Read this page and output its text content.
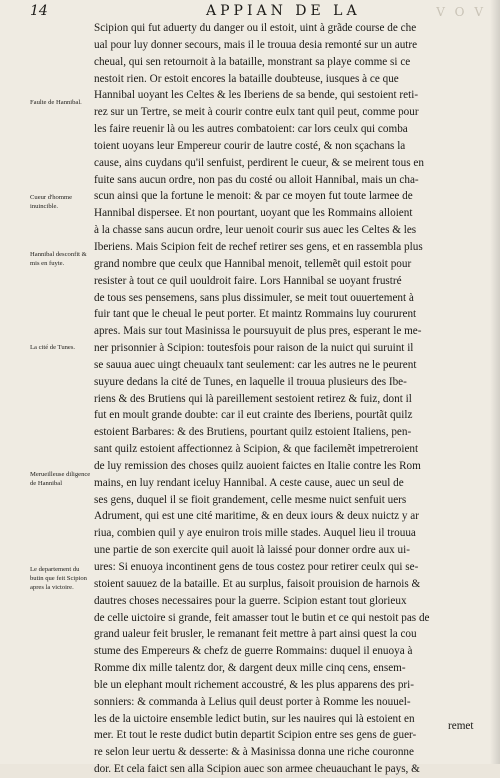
14	APPIAN DE LA	V O V
Faulte de Hannibal.
Cueur d'homme inuincible.
Hannibal desconfit & mis en fuyte.
La cité de Tunes.
Merueilleuse diligence de Hannibal
Le departement du butin que feit Scipion apres la victoire.
Scipion qui fut aduerty du danger ou il estoit, uint à grãde course de che
ual pour luy donner secours, mais il le trouua desia remonté sur un autre
cheual, qui sen retournoit à la bataille, monstrant sa playe comme si ce
nestoit rien. Or estoit encores la bataille doubteuse, iusques à ce que
Hannibal uoyant les Celtes & les Iberiens de sa bende, qui sestoient reti-
rez sur un Tertre, se meit à courir contre eulx tant quil peut, comme pour
les faire reuenir là ou les autres combatoient: car lors ceulx qui comba
toient uoyans leur Empereur courir de lautre costé, & non sçachans la
cause, ains cuydans qu'il senfuist, perdirent le cueur, & se meirent tous en
fuite sans aucun ordre, non pas du costé ou alloit Hannibal, mais un cha-
scun ainsi que la fortune le menoit: & par ce moyen fut toute larmee de
Hannibal dispersee. Et non pourtant, uoyant que les Rommains alloient
à la chasse sans aucun ordre, leur uenoit courir sus auec les Celtes & les
Iberiens. Mais Scipion feit de rechef retirer ses gens, et en rassembla plus
grand nombre que ceulx que Hannibal menoit, tellemẽt quil estoit pour
resister à tout ce quil uouldroit faire. Lors Hannibal se uoyant frustré
de tous ses pensemens, sans plus dissimuler, se meit tout ouuertement à
fuir tant que le cheual le peut porter. Et maintz Rommains luy coururent
apres. Mais sur tout Masinissa le poursuyuit de plus pres, esperant le me-
ner prisonnier à Scipion: toutesfois pour raison de la nuict qui suruint il
se sauua auec uingt cheuaulx tant seulement: car les autres ne le peurent
suyure dedans la cité de Tunes, en laquelle il trouua plusieurs des Ibe-
riens & des Brutiens qui là pareillement sestoient retirez & fuiz, dont il
fut en moult grande doubte: car il eut crainte des Iberiens, pourtãt quilz
estoient Barbares: & des Brutiens, pourtant quilz estoient Italiens, pen-
sant quilz estoient affectionnez à Scipion, & que facilemẽt impetreroient
de luy remission des choses quilz auoient faictes en Italie contre les Rom
mains, en luy rendant iceluy Hannibal. A ceste cause, auec un seul de
ses gens, duquel il se fioit grandement, celle mesme nuict senfuit uers
Adrument, qui est une cité maritime, & en deux iours & deux nuictz y ar
riua, combien quil y aye enuiron trois mille stades. Auquel lieu il trouua
une partie de son exercite quil auoit là laissé pour donner ordre aux ui-
ures: Si enuoya incontinent gens de tous costez pour retirer ceulx qui se-
stoient sauuez de la bataille. Et au surplus, faisoit prouision de harnois &
dautres choses necessaires pour la guerre. Scipion estant tout glorieux
de celle uictoire si grande, feit amasser tout le butin et ce qui nestoit pas de
grand ualeur feit brusler, le remanant feit mettre à part ainsi quest la cou
stume des Empereurs & chefz de guerre Rommains: duquel il enuoya à
Romme dix mille talentz dor, & dargent deux mille cinq cens, ensem-
ble un elephant moult richement accoustré, & les plus apparens des pri-
sonniers: & commanda à Lelius quil deust porter à Romme les nouuel-
les de la uictoire ensemble ledict butin, sur les nauires qui là estoient en
mer. Et tout le reste dudict butin departit Scipion entre ses gens de guer-
re selon leur uertu & desserte: & à Masinissa donna une riche couronne
dor. Et cela faict sen alla Scipion auec son armee cheuauchant le pays, &
remet
